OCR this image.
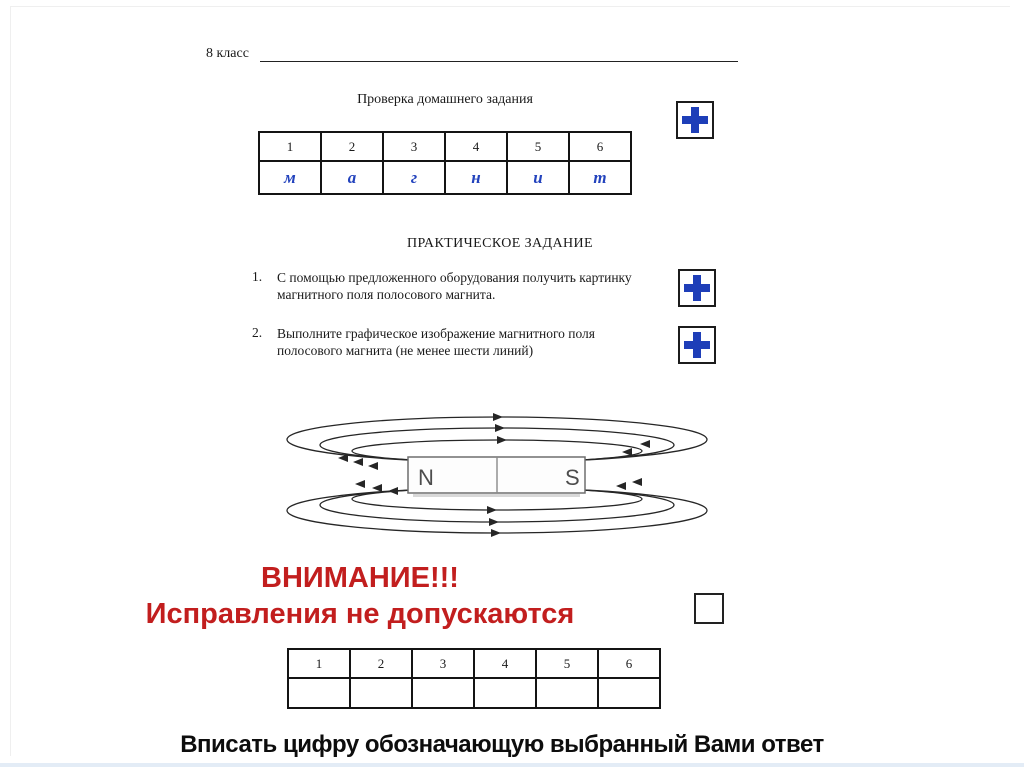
8 класс
Проверка домашнего задания
1	2	3	4	5	6
м	а	г	н	и	т
ПРАКТИЧЕСКОЕ ЗАДАНИЕ
1. С помощью предложенного оборудования получить картинку магнитного поля полосового магнита.
2. Выполните графическое изображение магнитного поля полосового магнита (не менее шести линий)
N	S
ВНИМАНИЕ!!!
Исправления не допускаются
1	2	3	4	5	6

Вписать цифру обозначающую выбранный Вами ответ
